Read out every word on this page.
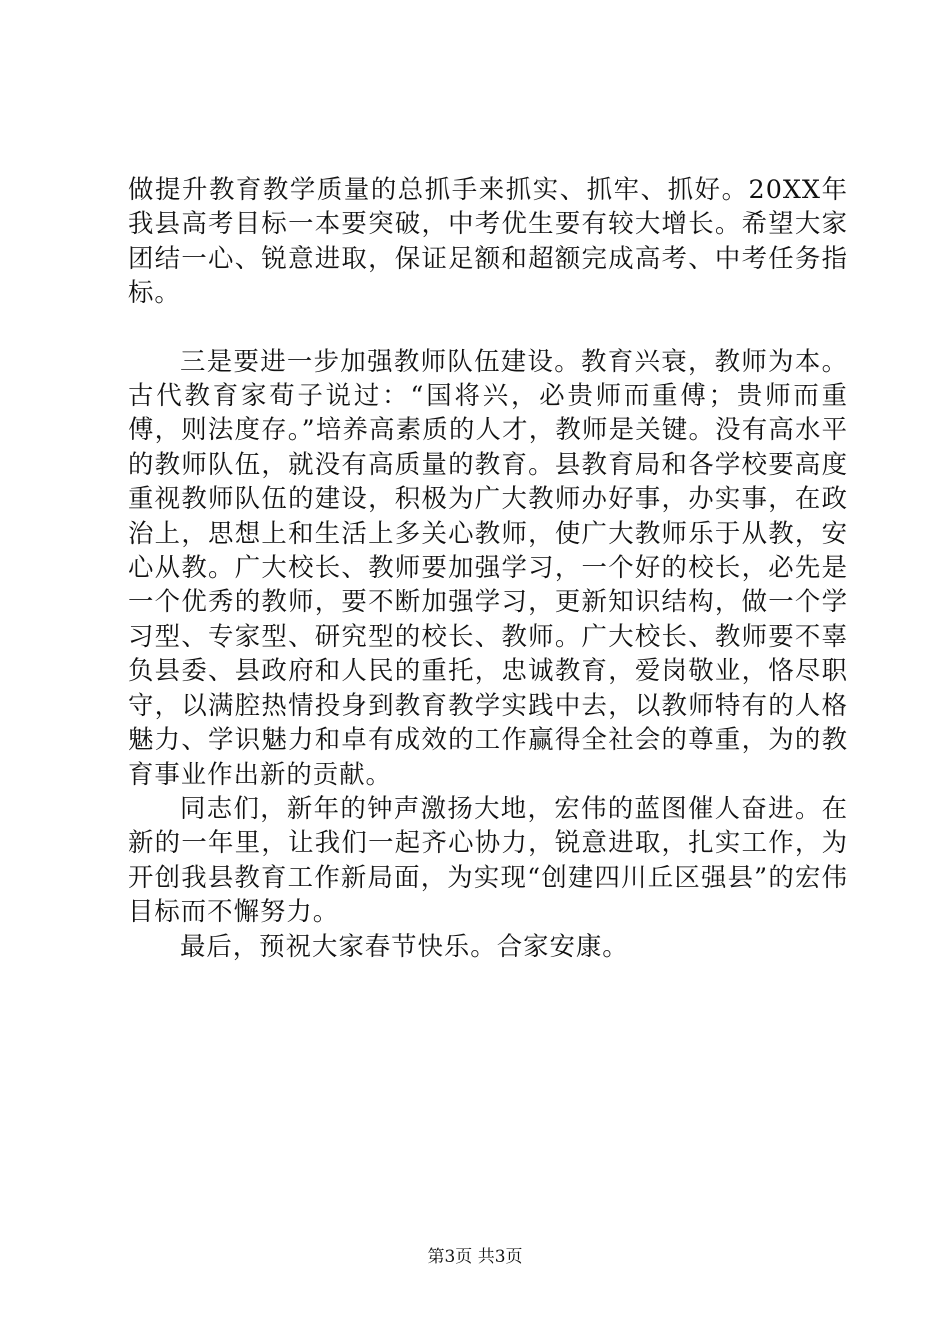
做提升教育教学质量的总抓手来抓实、抓牢、抓好。20XX年我县高考目标一本要突破，中考优生要有较大增长。希望大家团结一心、锐意进取，保证足额和超额完成高考、中考任务指标。

三是要进一步加强教师队伍建设。教育兴衰，教师为本。古代教育家荀子说过：“国将兴，必贵师而重傅；贵师而重傅，则法度存。”培养高素质的人才，教师是关键。没有高水平的教师队伍，就没有高质量的教育。县教育局和各学校要高度重视教师队伍的建设，积极为广大教师办好事，办实事，在政治上，思想上和生活上多关心教师，使广大教师乐于从教，安心从教。广大校长、教师要加强学习，一个好的校长，必先是一个优秀的教师，要不断加强学习，更新知识结构，做一个学习型、专家型、研究型的校长、教师。广大校长、教师要不辜负县委、县政府和人民的重托，忠诚教育，爱岗敬业，恪尽职守，以满腔热情投身到教育教学实践中去，以教师特有的人格魅力、学识魅力和卓有成效的工作赢得全社会的尊重，为的教育事业作出新的贡献。

同志们，新年的钟声激扬大地，宏伟的蓝图催人奋进。在新的一年里，让我们一起齐心协力，锐意进取，扎实工作，为开创我县教育工作新局面，为实现“创建四川丘区强县”的宏伟目标而不懈努力。

最后，预祝大家春节快乐。合家安康。

第3页 共3页
